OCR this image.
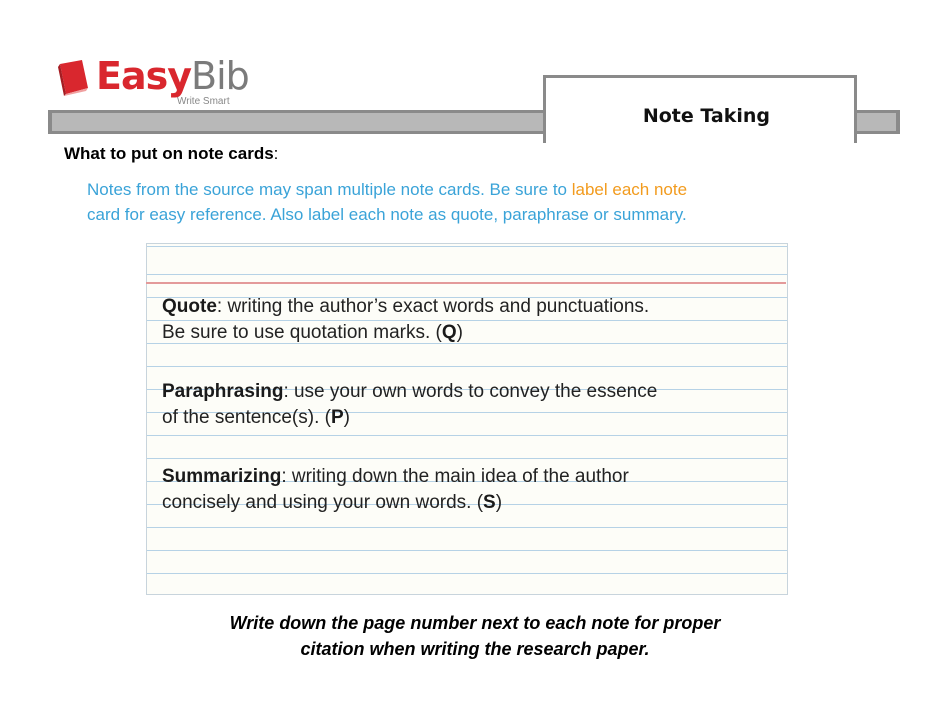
EasyBib
Write Smart
Note Taking
What to put on note cards:
Notes from the source may span multiple note cards. Be sure to label each note
card for easy reference. Also label each note as quote, paraphrase or summary.
Quote: writing the author’s exact words and punctuations.
Be sure to use quotation marks. (Q)
Paraphrasing: use your own words to convey the essence
of the sentence(s). (P)
Summarizing: writing down the main idea of the author
concisely and using your own words. (S)
Write down the page number next to each note for proper
citation when writing the research paper.
